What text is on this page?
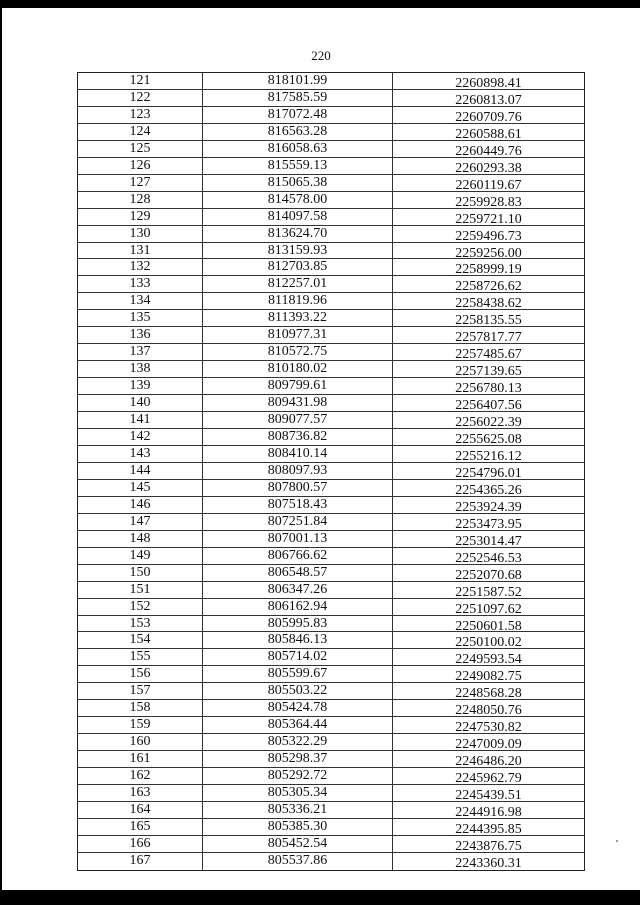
220
121	818101.99	2260898.41
122	817585.59	2260813.07
123	817072.48	2260709.76
124	816563.28	2260588.61
125	816058.63	2260449.76
126	815559.13	2260293.38
127	815065.38	2260119.67
128	814578.00	2259928.83
129	814097.58	2259721.10
130	813624.70	2259496.73
131	813159.93	2259256.00
132	812703.85	2258999.19
133	812257.01	2258726.62
134	811819.96	2258438.62
135	811393.22	2258135.55
136	810977.31	2257817.77
137	810572.75	2257485.67
138	810180.02	2257139.65
139	809799.61	2256780.13
140	809431.98	2256407.56
141	809077.57	2256022.39
142	808736.82	2255625.08
143	808410.14	2255216.12
144	808097.93	2254796.01
145	807800.57	2254365.26
146	807518.43	2253924.39
147	807251.84	2253473.95
148	807001.13	2253014.47
149	806766.62	2252546.53
150	806548.57	2252070.68
151	806347.26	2251587.52
152	806162.94	2251097.62
153	805995.83	2250601.58
154	805846.13	2250100.02
155	805714.02	2249593.54
156	805599.67	2249082.75
157	805503.22	2248568.28
158	805424.78	2248050.76
159	805364.44	2247530.82
160	805322.29	2247009.09
161	805298.37	2246486.20
162	805292.72	2245962.79
163	805305.34	2245439.51
164	805336.21	2244916.98
165	805385.30	2244395.85
166	805452.54	2243876.75
167	805537.86	2243360.31
